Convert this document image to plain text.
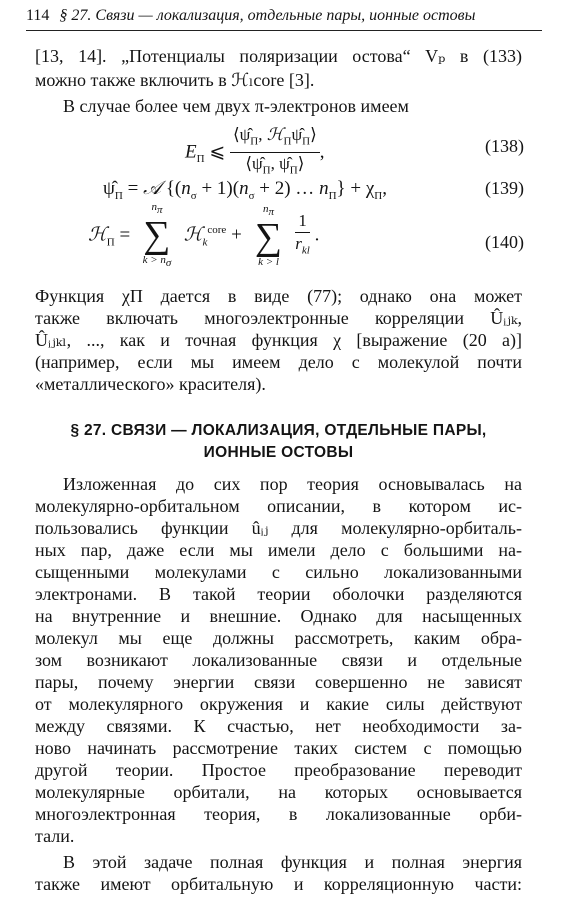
114 § 27. Связи — локализация, отдельные пары, ионные остовы
[13, 14]. „Потенциалы поляризации остова“ Vₚ в (133)
можно также включить в ℋₗcore [3].
В случае более чем двух π-электронов имеем
$E_П$ ⩽ $\frac{⟨\psî_П, ℋ_П\psî_П⟩}{⟨\psî_П, \psî_П⟩}$ ,	(138)
$\psî_П$ = 𝒜 {$(n_\sigma + 1)(n_\sigma + 2)$ … $n_П\} + \chi_П$,	(139)
ℋ$_П$ =
$n_\pi$
∑
$k > n_\sigma$
ℋ$_k^{core}$ +
$n_\pi$
∑
k > l
$\frac{1}{r_{kl}}$ .	(140)
Функция χП дается в виде (77); однако она может
также включать многоэлектронные корреляции Ûᵢⱼₖ,
Ûᵢⱼₖₗ, ..., как и точная функция χ [выражение (20 a)]
(например, если мы имеем дело с молекулой почти
«металлического» красителя).
§ 27. СВЯЗИ — ЛОКАЛИЗАЦИЯ, ОТДЕЛЬНЫЕ ПАРЫ,
ИОННЫЕ ОСТОВЫ
Изложенная до сих пор теория основывалась на
молекулярно-орбитальном описании, в котором ис-
пользовались функции ûᵢⱼ для молекулярно-орбиталь-
ных пар, даже если мы имели дело с большими на-
сыщенными молекулами с сильно локализованными
электронами. В такой теории оболочки разделяются
на внутренние и внешние. Однако для насыщенных
молекул мы еще должны рассмотреть, каким обра-
зом возникают локализованные связи и отдельные
пары, почему энергии связи совершенно не зависят
от молекулярного окружения и какие силы действуют
между связями. К счастью, нет необходимости за-
ново начинать рассмотрение таких систем с помощью
другой теории. Простое преобразование переводит
молекулярные орбитали, на которых основывается
многоэлектронная теория, в локализованные орби-
тали.
В этой задаче полная функция и полная энергия
также имеют орбитальную и корреляционную части:
